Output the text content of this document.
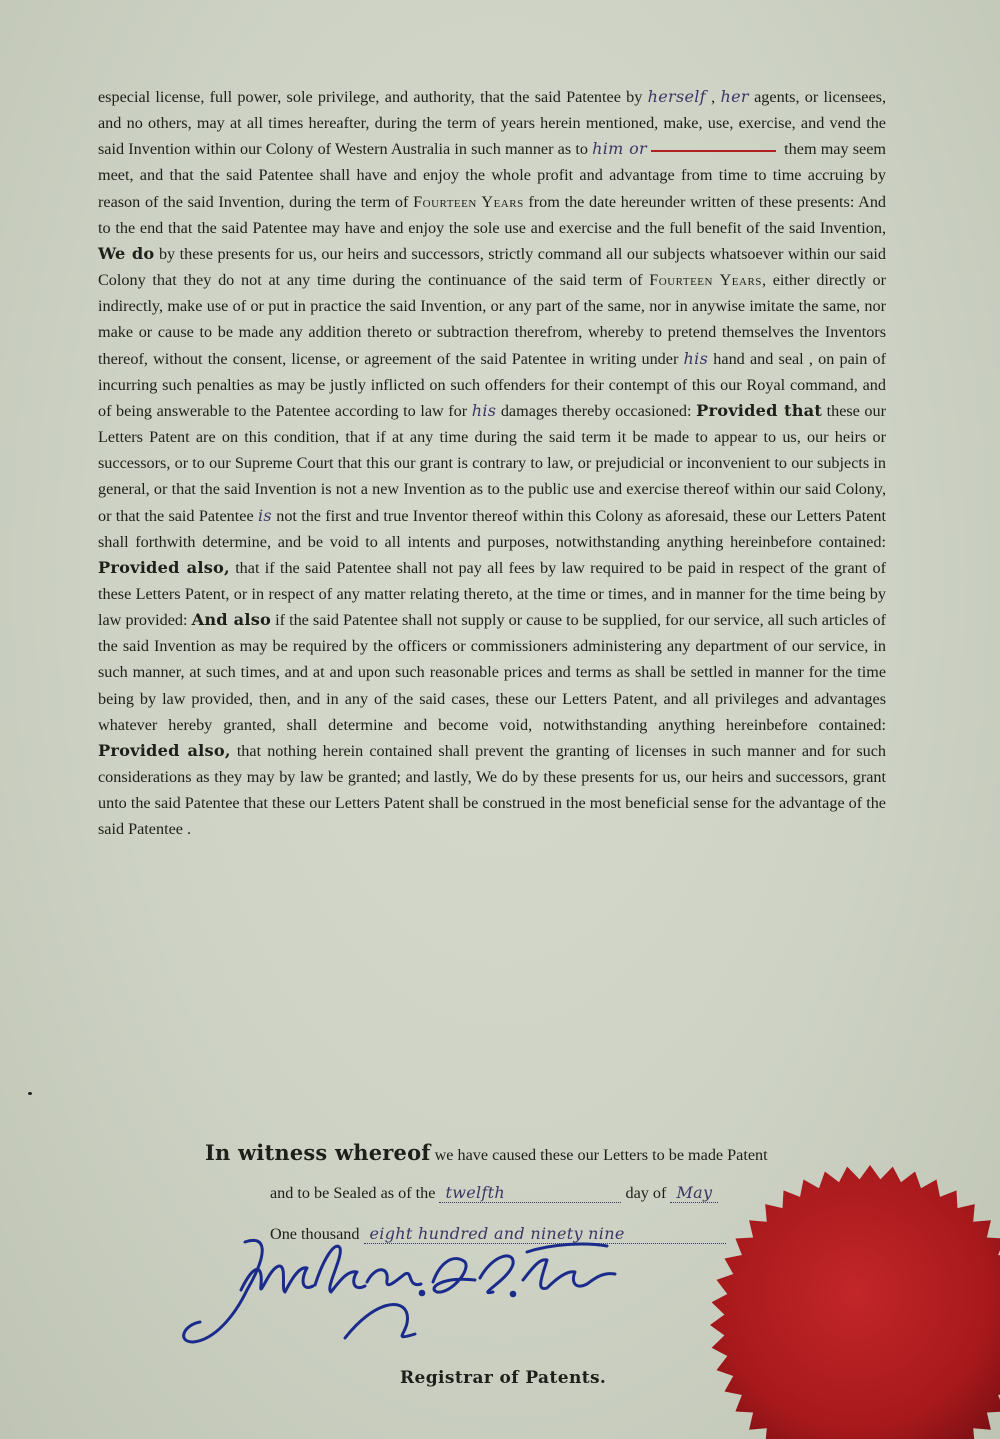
especial license, full power, sole privilege, and authority, that the said Patentee by herself , her agents, or licensees, and no others, may at all times hereafter, during the term of years herein mentioned, make, use, exercise, and vend the said Invention within our Colony of Western Australia in such manner as to him or	them may seem meet, and that the said Patentee shall have and enjoy the whole profit and advantage from time to time accruing by reason of the said Invention, during the term of Fourteen Years from the date hereunder written of these presents: And to the end that the said Patentee may have and enjoy the sole use and exercise and the full benefit of the said Invention, We do by these presents for us, our heirs and successors, strictly command all our subjects whatsoever within our said Colony that they do not at any time during the continuance of the said term of Fourteen Years, either directly or indirectly, make use of or put in practice the said Invention, or any part of the same, nor in anywise imitate the same, nor make or cause to be made any addition thereto or subtraction therefrom, whereby to pretend themselves the Inventors thereof, without the consent, license, or agreement of the said Patentee in writing under his hand and seal , on pain of incurring such penalties as may be justly inflicted on such offenders for their contempt of this our Royal command, and of being answerable to the Patentee according to law for his damages thereby occasioned: Provided that these our Letters Patent are on this condition, that if at any time during the said term it be made to appear to us, our heirs or successors, or to our Supreme Court that this our grant is contrary to law, or prejudicial or inconvenient to our subjects in general, or that the said Invention is not a new Invention as to the public use and exercise thereof within our said Colony, or that the said Patentee is not the first and true Inventor thereof within this Colony as aforesaid, these our Letters Patent shall forthwith determine, and be void to all intents and purposes, notwithstanding anything hereinbefore contained: Provided also, that if the said Patentee shall not pay all fees by law required to be paid in respect of the grant of these Letters Patent, or in respect of any matter relating thereto, at the time or times, and in manner for the time being by law provided: And also if the said Patentee shall not supply or cause to be supplied, for our service, all such articles of the said Invention as may be required by the officers or commissioners administering any department of our service, in such manner, at such times, and at and upon such reasonable prices and terms as shall be settled in manner for the time being by law provided, then, and in any of the said cases, these our Letters Patent, and all privileges and advantages whatever hereby granted, shall determine and become void, notwithstanding anything hereinbefore contained: Provided also, that nothing herein contained shall prevent the granting of licenses in such manner and for such considerations as they may by law be granted; and lastly, We do by these presents for us, our heirs and successors, grant unto the said Patentee that these our Letters Patent shall be construed in the most beneficial sense for the advantage of the said Patentee .

In witness whereof we have caused these our Letters to be made Patent
and to be Sealed as of the twelfth	day of May
One thousand eight hundred and ninety nine
Registrar of Patents.
